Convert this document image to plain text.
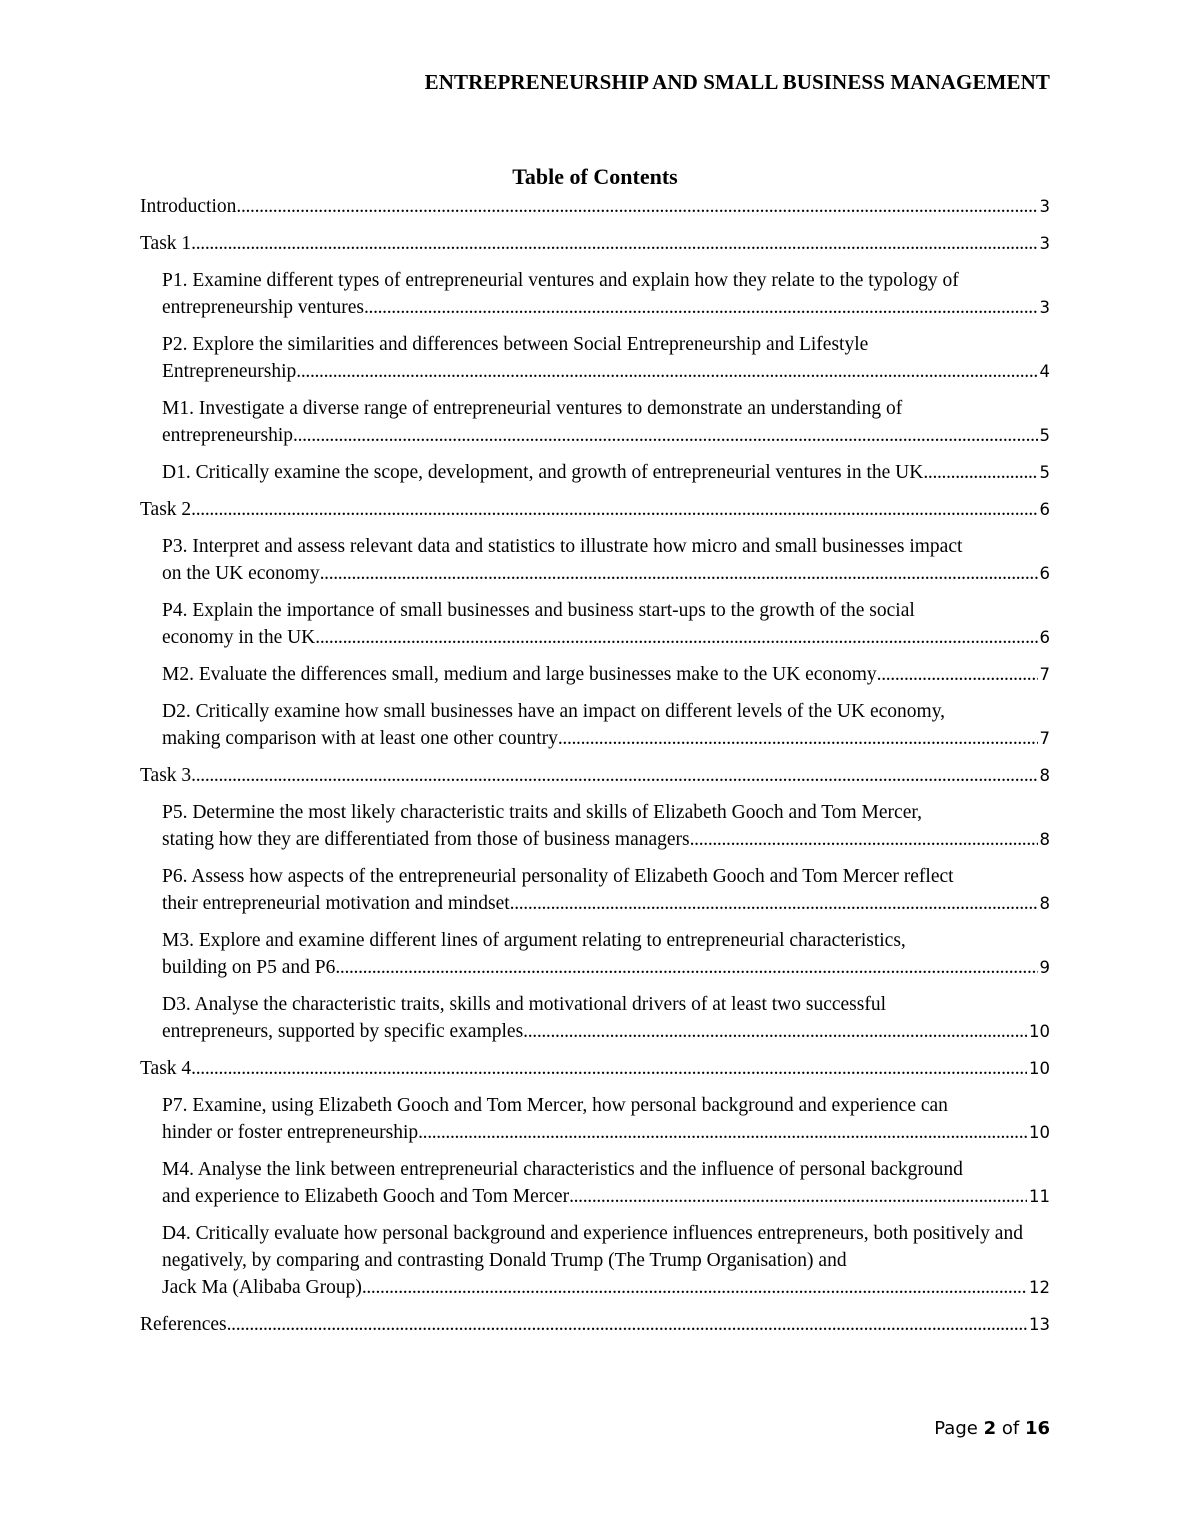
ENTREPRENEURSHIP AND SMALL BUSINESS MANAGEMENT
Table of Contents
Introduction . . .	3
Task 1 . . .	3
P1. Examine different types of entrepreneurial ventures and explain how they relate to the typology of
entrepreneurship ventures . . .	3
P2. Explore the similarities and differences between Social Entrepreneurship and Lifestyle
Entrepreneurship . . .	4
M1. Investigate a diverse range of entrepreneurial ventures to demonstrate an understanding of
entrepreneurship . . .	5
D1. Critically examine the scope, development, and growth of entrepreneurial ventures in the UK . . .	5
Task 2 . . .	6
P3. Interpret and assess relevant data and statistics to illustrate how micro and small businesses impact
on the UK economy . . .	6
P4. Explain the importance of small businesses and business start-ups to the growth of the social
economy in the UK . . .	6
M2. Evaluate the differences small, medium and large businesses make to the UK economy . . .	7
D2. Critically examine how small businesses have an impact on different levels of the UK economy,
making comparison with at least one other country . . .	7
Task 3 . . .	8
P5. Determine the most likely characteristic traits and skills of Elizabeth Gooch and Tom Mercer,
stating how they are differentiated from those of business managers . . .	8
P6. Assess how aspects of the entrepreneurial personality of Elizabeth Gooch and Tom Mercer reflect
their entrepreneurial motivation and mindset . . .	8
M3. Explore and examine different lines of argument relating to entrepreneurial characteristics,
building on P5 and P6 . . .	9
D3. Analyse the characteristic traits, skills and motivational drivers of at least two successful
entrepreneurs, supported by specific examples . . .	10
Task 4 . . .	10
P7. Examine, using Elizabeth Gooch and Tom Mercer, how personal background and experience can
hinder or foster entrepreneurship . . .	10
M4. Analyse the link between entrepreneurial characteristics and the influence of personal background
and experience to Elizabeth Gooch and Tom Mercer . . .	11
D4. Critically evaluate how personal background and experience influences entrepreneurs, both positively and negatively, by comparing and contrasting Donald Trump (The Trump Organisation) and
Jack Ma (Alibaba Group) . . .	12
References . . .	13
Page 2 of 16
